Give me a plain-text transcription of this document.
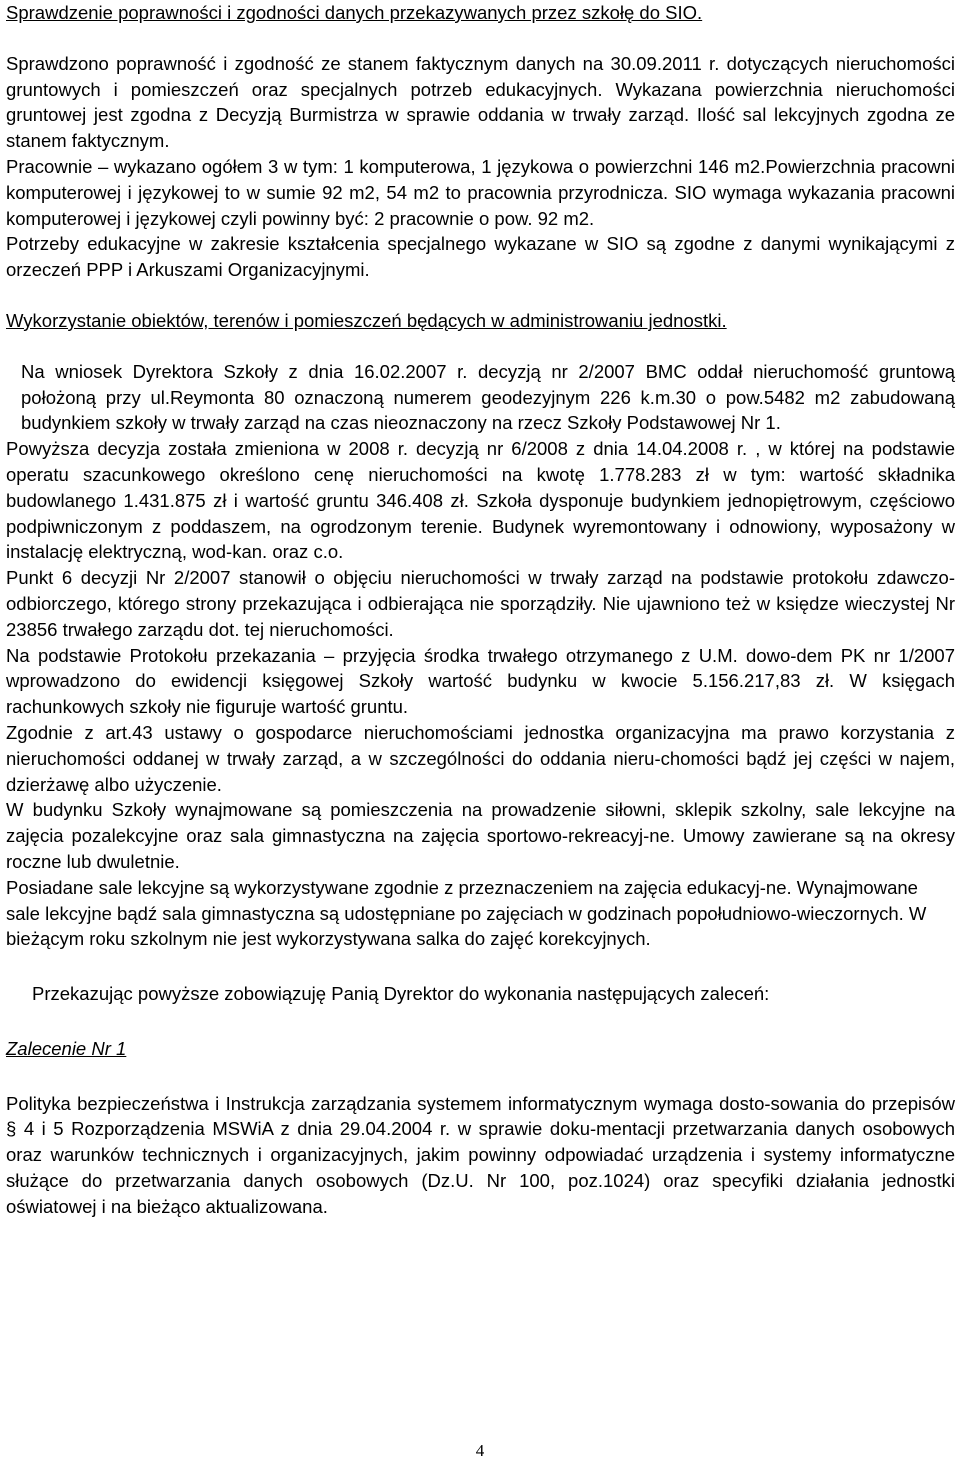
Sprawdzenie poprawności i zgodności danych przekazywanych przez szkołę do SIO.

Sprawdzono poprawność i zgodność ze stanem faktycznym danych na 30.09.2011 r. dotyczących nieruchomości gruntowych i pomieszczeń oraz specjalnych potrzeb edukacyjnych. Wykazana powierzchnia nieruchomości gruntowej jest zgodna z Decyzją Burmistrza w sprawie oddania w trwały zarząd. Ilość sal lekcyjnych zgodna ze stanem faktycznym.

Pracownie – wykazano ogółem 3 w tym: 1 komputerowa, 1 językowa o powierzchni 146 m2.Powierzchnia pracowni komputerowej i językowej to w sumie 92 m2, 54 m2 to pracownia przyrodnicza. SIO wymaga wykazania pracowni komputerowej i językowej czyli powinny być: 2 pracownie o pow. 92 m2.

Potrzeby edukacyjne w zakresie kształcenia specjalnego wykazane w SIO są zgodne z danymi wynikającymi z orzeczeń PPP i Arkuszami Organizacyjnymi.

Wykorzystanie obiektów, terenów i pomieszczeń będących w administrowaniu jednostki.

Na wniosek Dyrektora Szkoły z dnia 16.02.2007 r. decyzją nr 2/2007 BMC oddał nieruchomość gruntową położoną przy ul.Reymonta 80 oznaczoną numerem geodezyjnym 226 k.m.30 o pow.5482 m2 zabudowaną budynkiem szkoły w trwały zarząd na czas nieoznaczony na rzecz Szkoły Podstawowej Nr 1.

Powyższa decyzja została zmieniona w 2008 r. decyzją nr 6/2008 z dnia 14.04.2008 r. , w której na podstawie operatu szacunkowego określono cenę nieruchomości na kwotę 1.778.283 zł w tym: wartość składnika budowlanego 1.431.875 zł i wartość gruntu 346.408 zł. Szkoła dysponuje budynkiem jednopiętrowym, częściowo podpiwniczonym z poddaszem, na ogrodzonym terenie. Budynek wyremontowany i odnowiony, wyposażony w instalację elektryczną, wod-kan. oraz c.o.

Punkt 6 decyzji Nr 2/2007 stanowił o objęciu nieruchomości w trwały zarząd na podstawie protokołu zdawczo-odbiorczego, którego strony przekazująca i odbierająca nie sporządziły. Nie ujawniono też w księdze wieczystej Nr 23856 trwałego zarządu dot. tej nieruchomości.

Na podstawie Protokołu przekazania – przyjęcia środka trwałego otrzymanego z U.M. dowo-dem PK nr 1/2007 wprowadzono do ewidencji księgowej Szkoły wartość budynku w kwocie 5.156.217,83 zł. W księgach rachunkowych szkoły nie figuruje wartość gruntu.

Zgodnie z art.43 ustawy o gospodarce nieruchomościami jednostka organizacyjna ma prawo korzystania z nieruchomości oddanej w trwały zarząd, a w szczególności do oddania nieru-chomości bądź jej części w najem, dzierżawę albo użyczenie.

W budynku Szkoły wynajmowane są pomieszczenia na prowadzenie siłowni, sklepik szkolny, sale lekcyjne na zajęcia pozalekcyjne oraz sala gimnastyczna na zajęcia sportowo-rekreacyj-ne. Umowy zawierane są na okresy roczne lub dwuletnie.

Posiadane sale lekcyjne są wykorzystywane zgodnie z przeznaczeniem na zajęcia edukacyj-ne. Wynajmowane sale lekcyjne bądź sala gimnastyczna są udostępniane po zajęciach w godzinach popołudniowo-wieczornych. W bieżącym roku szkolnym nie jest wykorzystywana salka do zajęć korekcyjnych.

Przekazując powyższe zobowiązuję Panią Dyrektor do wykonania następujących zaleceń:

Zalecenie Nr 1

Polityka bezpieczeństwa i Instrukcja zarządzania systemem informatycznym wymaga dosto-sowania do przepisów § 4 i 5 Rozporządzenia MSWiA z dnia 29.04.2004 r. w sprawie doku-mentacji przetwarzania danych osobowych oraz warunków technicznych i organizacyjnych, jakim powinny odpowiadać urządzenia i systemy informatyczne służące do przetwarzania danych osobowych (Dz.U. Nr 100, poz.1024) oraz specyfiki działania jednostki oświatowej i na bieżąco aktualizowana.

4
